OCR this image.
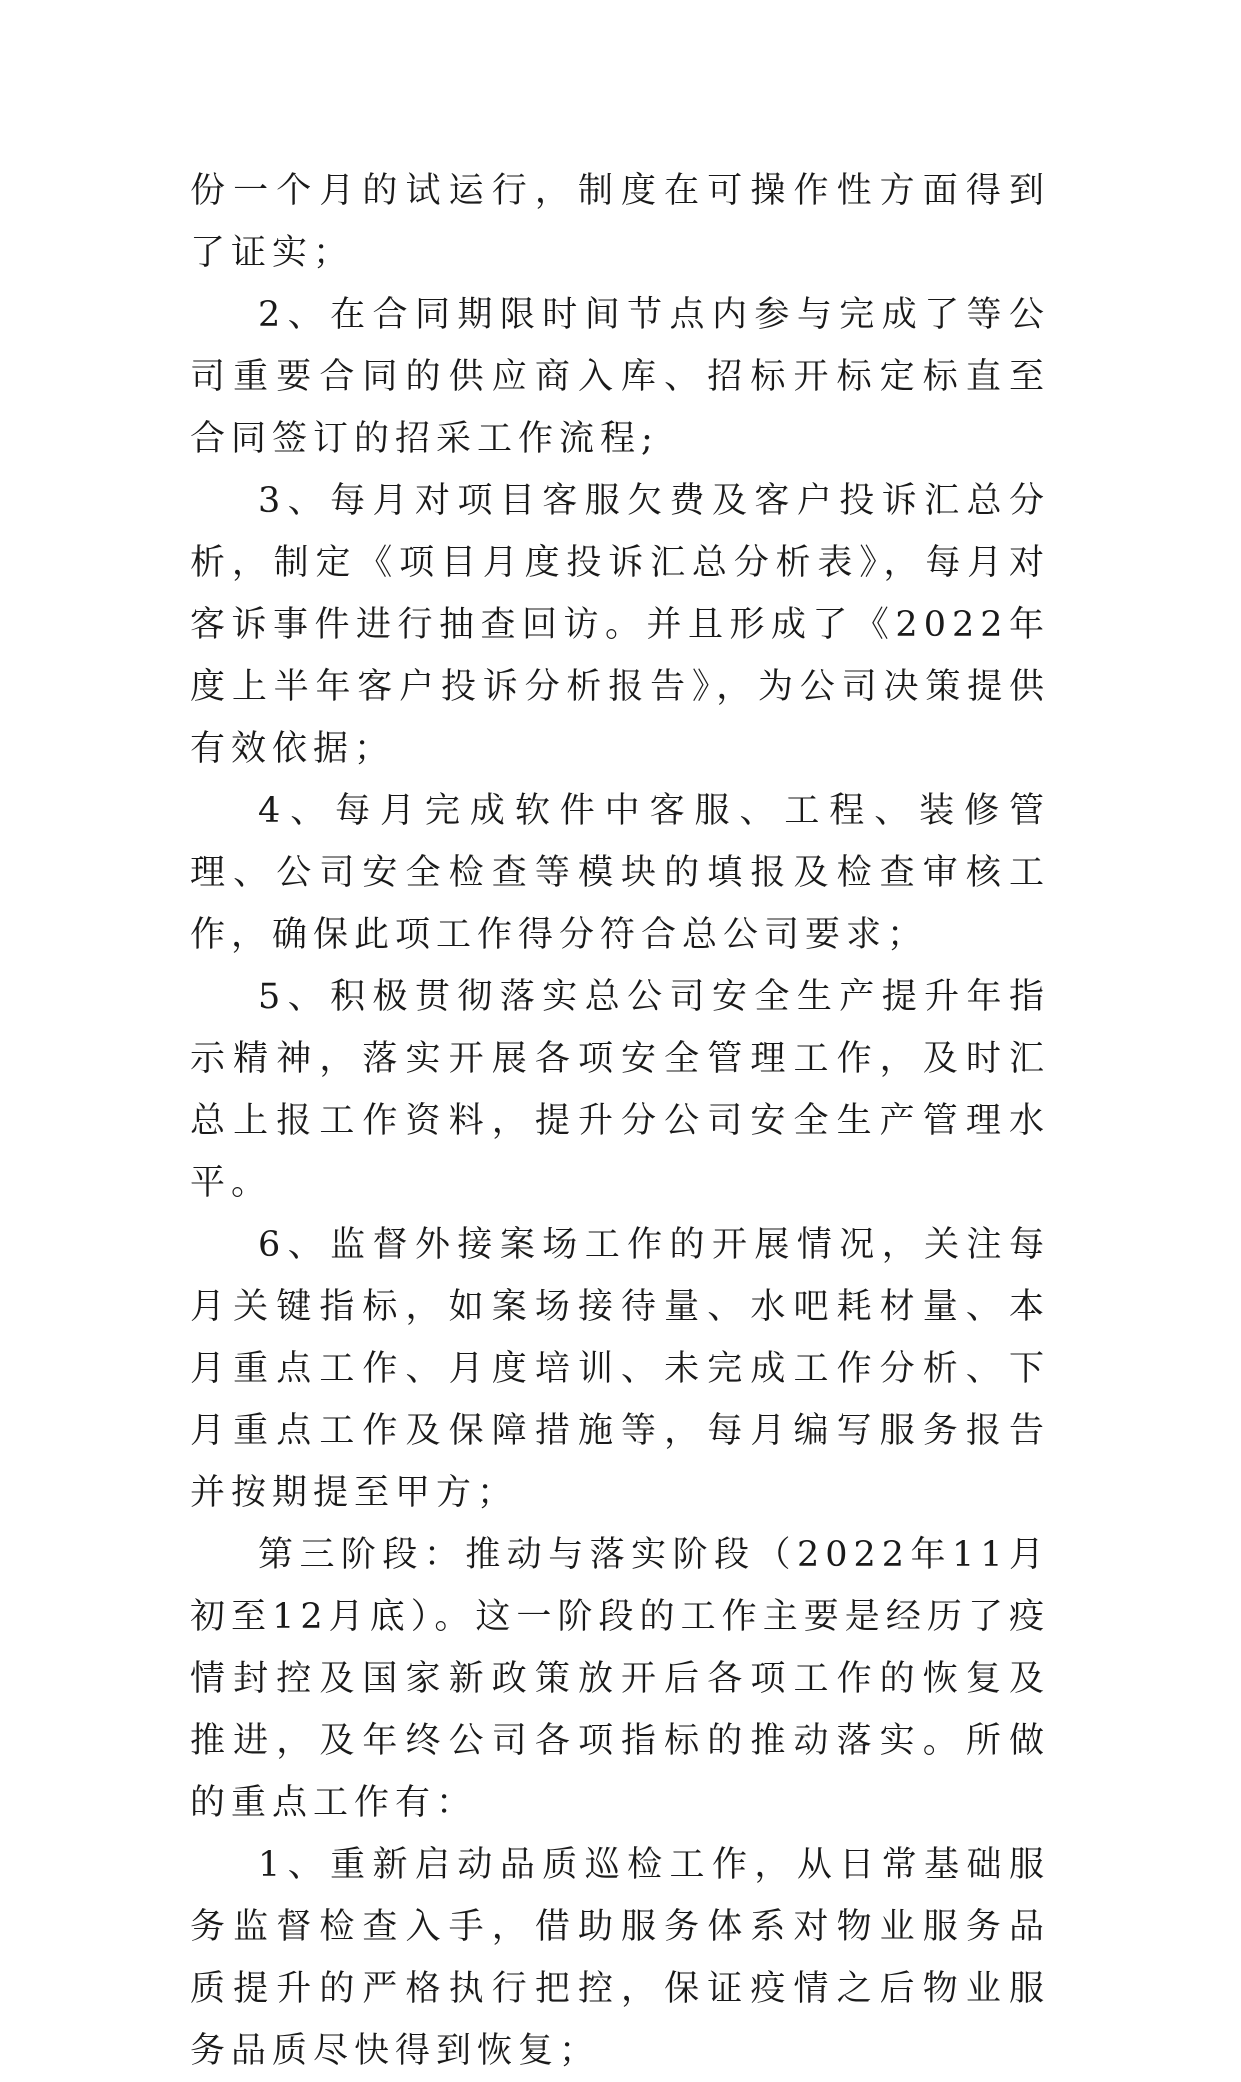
份一个月的试运行，制度在可操作性方面得到了证实；

2、在合同期限时间节点内参与完成了等公司重要合同的供应商入库、招标开标定标直至合同签订的招采工作流程;

3、每月对项目客服欠费及客户投诉汇总分析，制定《项目月度投诉汇总分析表》，每月对客诉事件进行抽查回访。并且形成了《2022年度上半年客户投诉分析报告》，为公司决策提供有效依据；

4、每月完成软件中客服、工程、装修管理、公司安全检查等模块的填报及检查审核工作，确保此项工作得分符合总公司要求；

5、积极贯彻落实总公司安全生产提升年指示精神，落实开展各项安全管理工作，及时汇总上报工作资料，提升分公司安全生产管理水平。

6、监督外接案场工作的开展情况，关注每月关键指标，如案场接待量、水吧耗材量、本月重点工作、月度培训、未完成工作分析、下月重点工作及保障措施等，每月编写服务报告并按期提至甲方；

第三阶段：推动与落实阶段（2022年11月初至12月底）。这一阶段的工作主要是经历了疫情封控及国家新政策放开后各项工作的恢复及推进，及年终公司各项指标的推动落实。所做的重点工作有：

1、重新启动品质巡检工作，从日常基础服务监督检查入手，借助服务体系对物业服务品质提升的严格执行把控，保证疫情之后物业服务品质尽快得到恢复；
